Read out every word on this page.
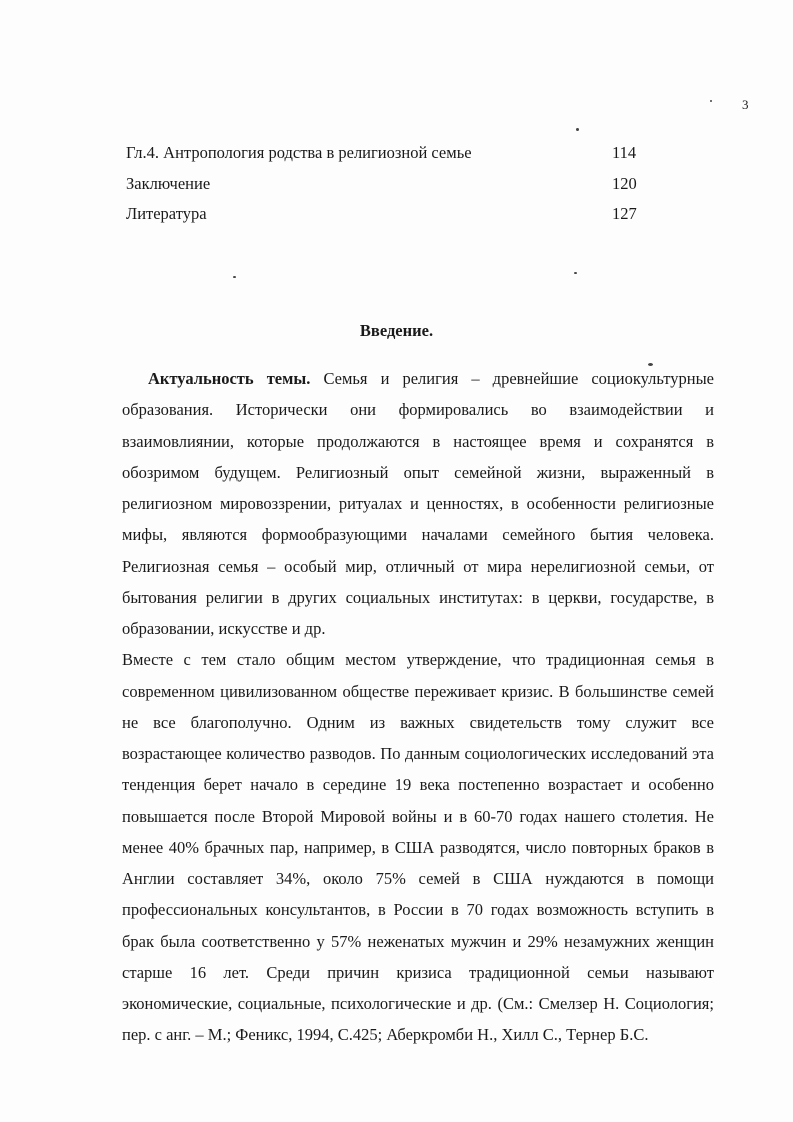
3
Гл.4. Антропология родства в религиозной семье	114
Заключение	120
Литература	127
Введение.

Актуальность темы. Семья и религия – древнейшие социокультурные образования. Исторически они формировались во взаимодействии и взаимовлиянии, которые продолжаются в настоящее время и сохранятся в обозримом будущем. Религиозный опыт семейной жизни, выраженный в религиозном мировоззрении, ритуалах и ценностях, в особенности религиозные мифы, являются формообразующими началами семейного бытия человека. Религиозная семья – особый мир, отличный от мира нерелигиозной семьи, от бытования религии в других социальных институтах: в церкви, государстве, в образовании, искусстве и др.

Вместе с тем стало общим местом утверждение, что традиционная семья в современном цивилизованном обществе переживает кризис. В большинстве семей не все благополучно. Одним из важных свидетельств тому служит все возрастающее количество разводов. По данным социологических исследований эта тенденция берет начало в середине 19 века постепенно возрастает и особенно повышается после Второй Мировой войны и в 60-70 годах нашего столетия. Не менее 40% брачных пар, например, в США разводятся, число повторных браков в Англии составляет 34%, около 75% семей в США нуждаются в помощи профессиональных консультантов, в России в 70 годах возможность вступить в брак была соответственно у 57% неженатых мужчин и 29% незамужних женщин старше 16 лет. Среди причин кризиса традиционной семьи называют экономические, социальные, психологические и др. (См.: Смелзер Н. Социология; пер. с анг. – М.; Феникс, 1994, С.425; Аберкромби Н., Хилл С., Тернер Б.С.
